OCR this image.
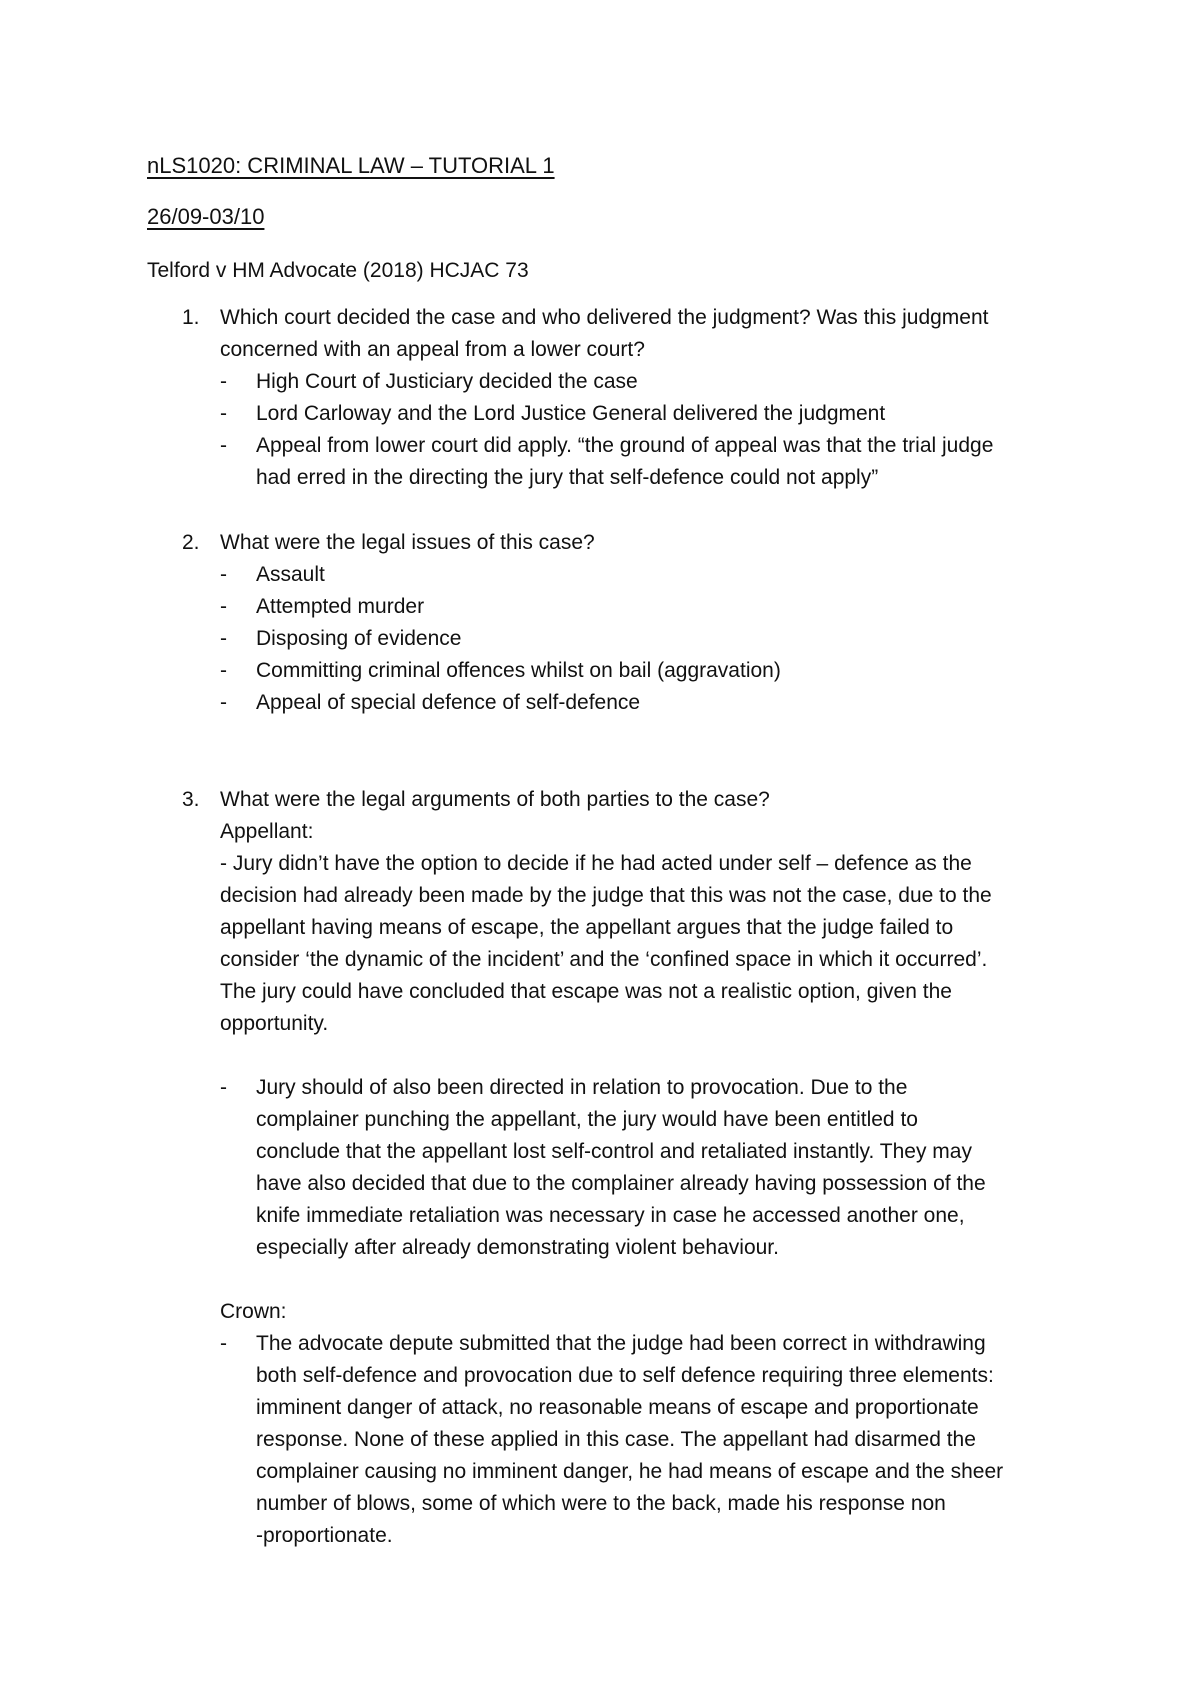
nLS1020: CRIMINAL LAW – TUTORIAL 1
26/09-03/10
Telford v HM Advocate (2018) HCJAC 73
1. Which court decided the case and who delivered the judgment? Was this judgment
concerned with an appeal from a lower court?
- High Court of Justiciary decided the case
- Lord Carloway and the Lord Justice General delivered the judgment
- Appeal from lower court did apply. “the ground of appeal was that the trial judge
had erred in the directing the jury that self-defence could not apply”
2. What were the legal issues of this case?
- Assault
- Attempted murder
- Disposing of evidence
- Committing criminal offences whilst on bail (aggravation)
- Appeal of special defence of self-defence
3. What were the legal arguments of both parties to the case?
Appellant:
- Jury didn’t have the option to decide if he had acted under self – defence as the
decision had already been made by the judge that this was not the case, due to the
appellant having means of escape, the appellant argues that the judge failed to
consider ‘the dynamic of the incident’ and the ‘confined space in which it occurred’.
The jury could have concluded that escape was not a realistic option, given the
opportunity.
- Jury should of also been directed in relation to provocation. Due to the
complainer punching the appellant, the jury would have been entitled to
conclude that the appellant lost self-control and retaliated instantly. They may
have also decided that due to the complainer already having possession of the
knife immediate retaliation was necessary in case he accessed another one,
especially after already demonstrating violent behaviour.
Crown:
- The advocate depute submitted that the judge had been correct in withdrawing
both self-defence and provocation due to self defence requiring three elements:
imminent danger of attack, no reasonable means of escape and proportionate
response. None of these applied in this case. The appellant had disarmed the
complainer causing no imminent danger, he had means of escape and the sheer
number of blows, some of which were to the back, made his response non
-proportionate.
